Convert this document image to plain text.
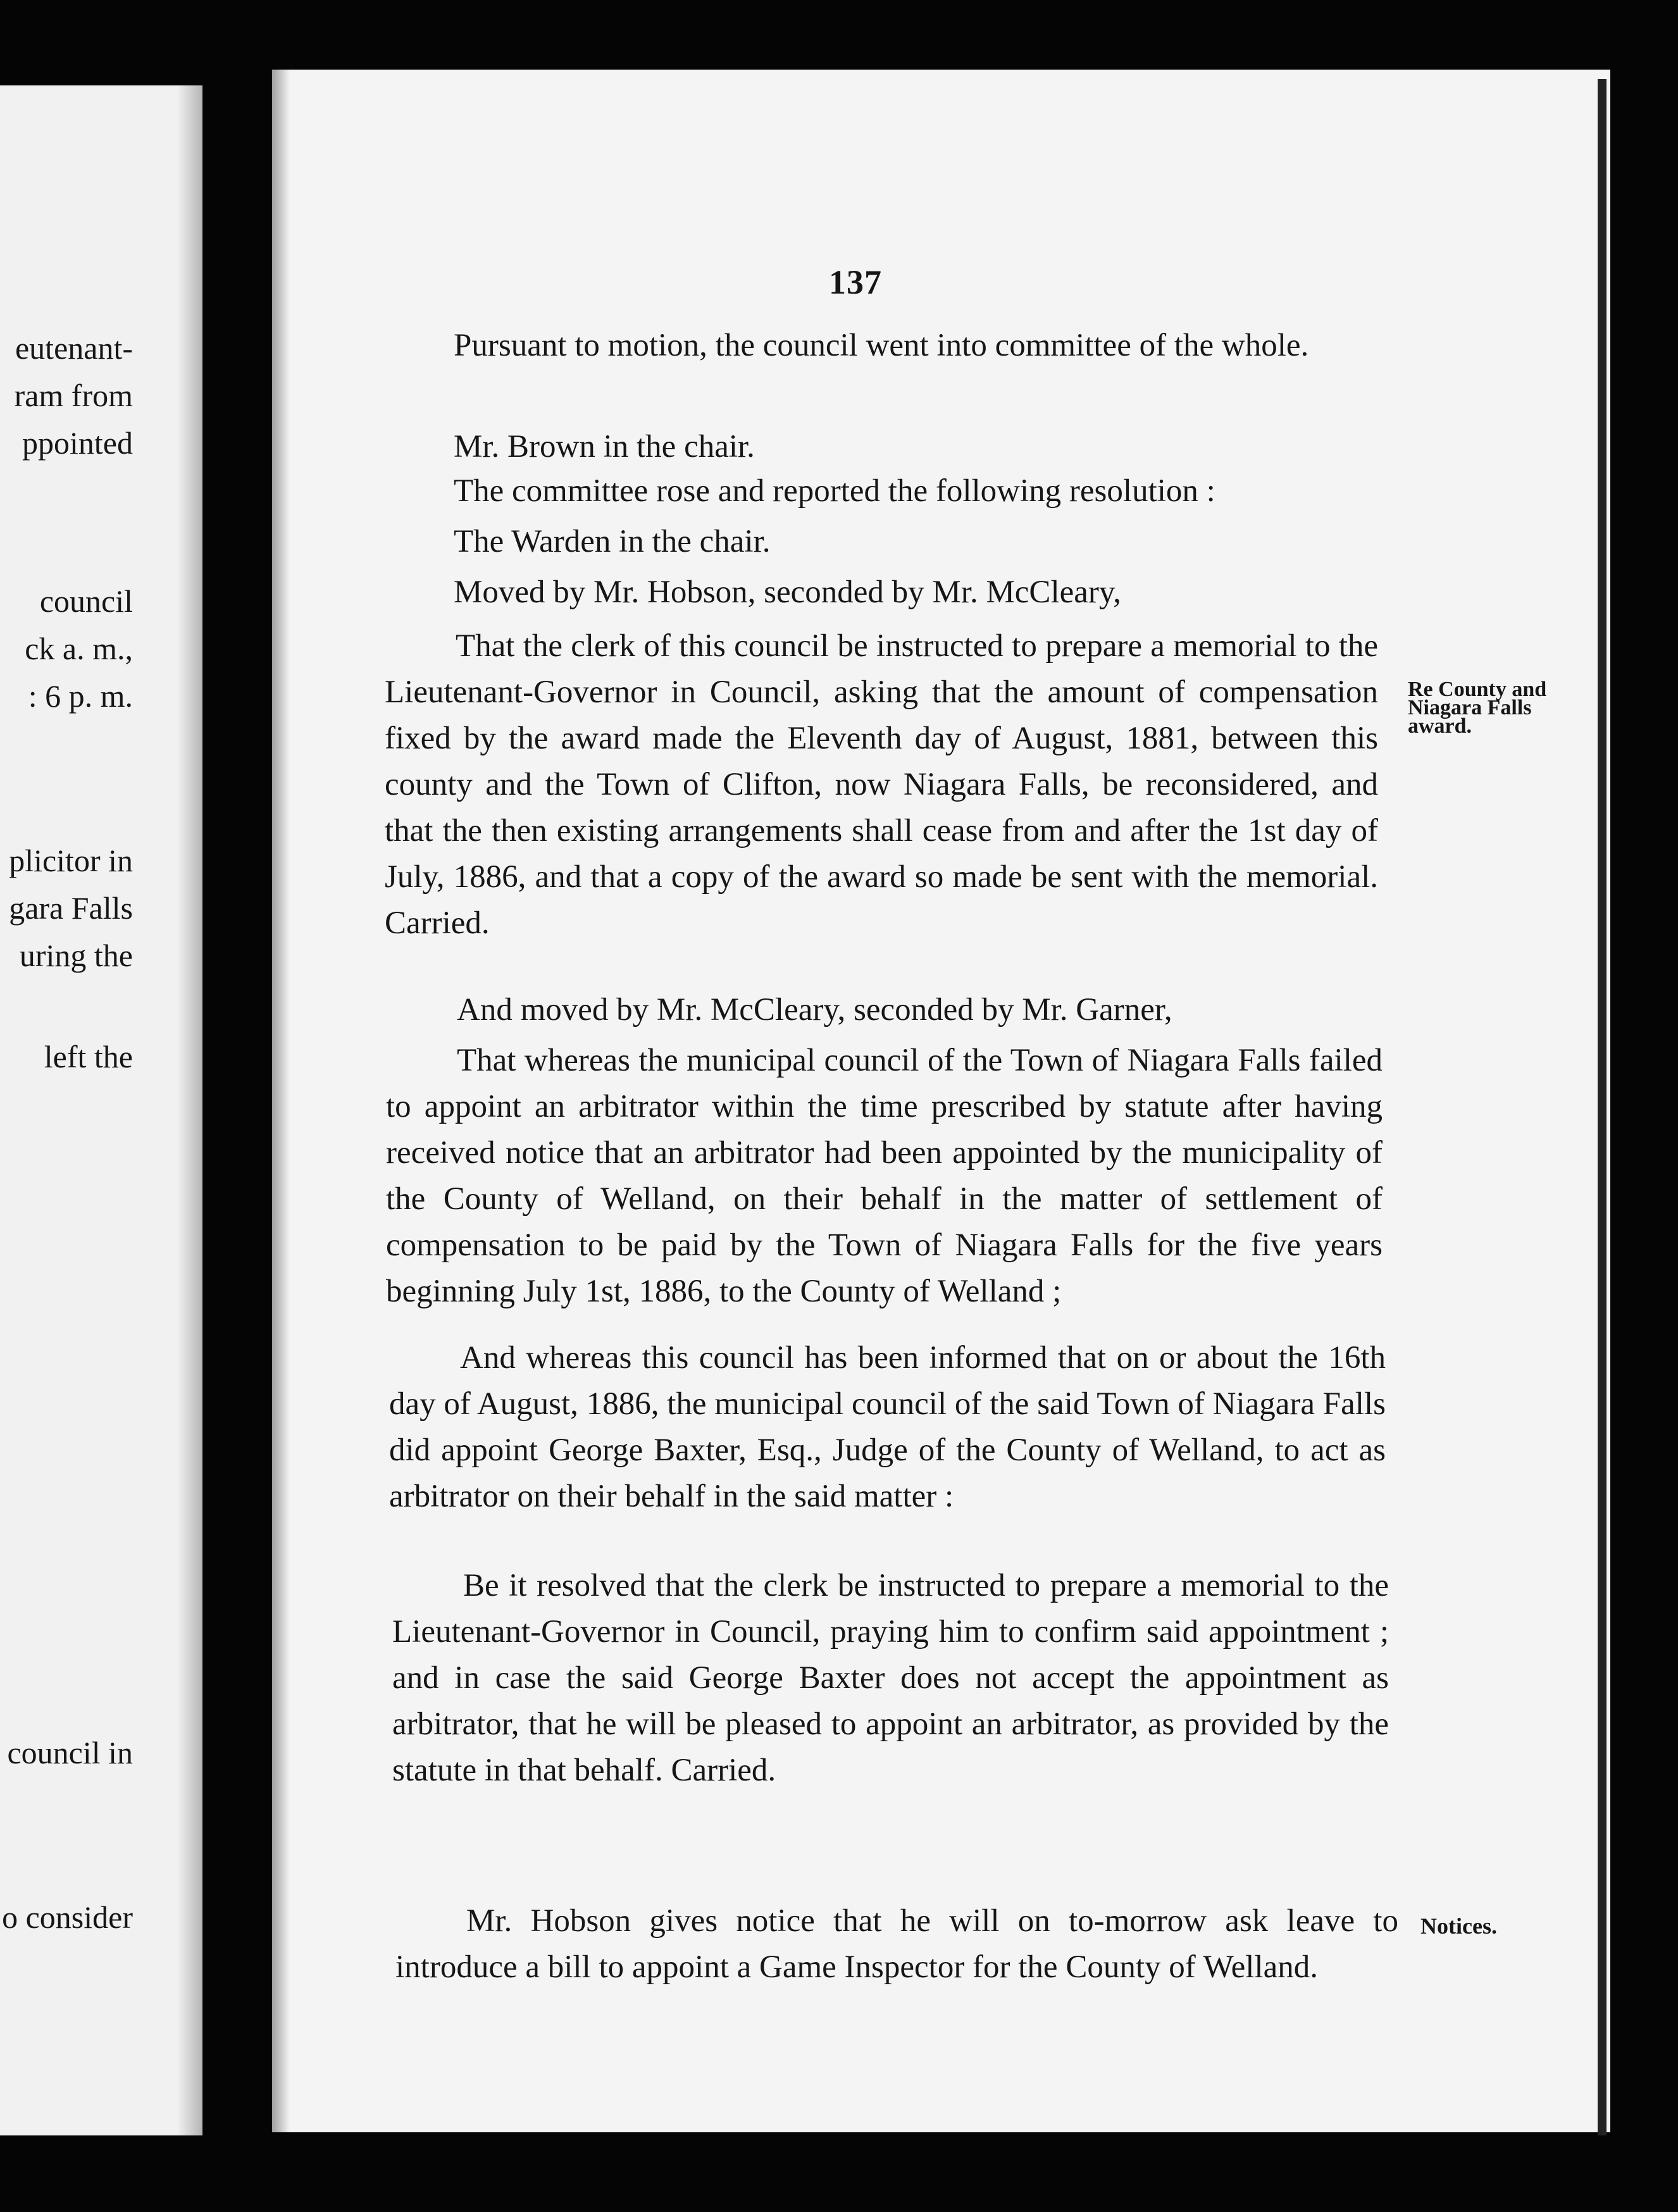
eutenant-
ram from
ppointed
council
ck a. m.,
: 6 p. m.
plicitor in
gara Falls
uring the
left the
council in
o consider
137

Pursuant to motion, the council went into committee of the whole.

Mr. Brown in the chair.

The committee rose and reported the following resolution :

The Warden in the chair.

Moved by Mr. Hobson, seconded by Mr. McCleary,

That the clerk of this council be instructed to prepare a memorial to the Lieutenant-Governor in Council, asking that the amount of compensation fixed by the award made the Eleventh day of August, 1881, between this county and the Town of Clifton, now Niagara Falls, be reconsidered, and that the then existing arrangements shall cease from and after the 1st day of July, 1886, and that a copy of the award so made be sent with the memorial. Carried.

And moved by Mr. McCleary, seconded by Mr. Garner,

That whereas the municipal council of the Town of Niagara Falls failed to appoint an arbitrator within the time prescribed by statute after having received notice that an arbitrator had been appointed by the municipality of the County of Welland, on their behalf in the matter of settlement of compensation to be paid by the Town of Niagara Falls for the five years beginning July 1st, 1886, to the County of Welland ;

And whereas this council has been informed that on or about the 16th day of August, 1886, the municipal council of the said Town of Niagara Falls did appoint George Baxter, Esq., Judge of the County of Welland, to act as arbitrator on their behalf in the said matter :

Be it resolved that the clerk be instructed to prepare a memorial to the Lieutenant-Governor in Council, praying him to confirm said appointment ; and in case the said George Baxter does not accept the appointment as arbitrator, that he will be pleased to appoint an arbitrator, as provided by the statute in that behalf. Carried.

Mr. Hobson gives notice that he will on to-morrow ask leave to introduce a bill to appoint a Game Inspector for the County of Welland.

Re County and Niagara Falls award.
Notices.
